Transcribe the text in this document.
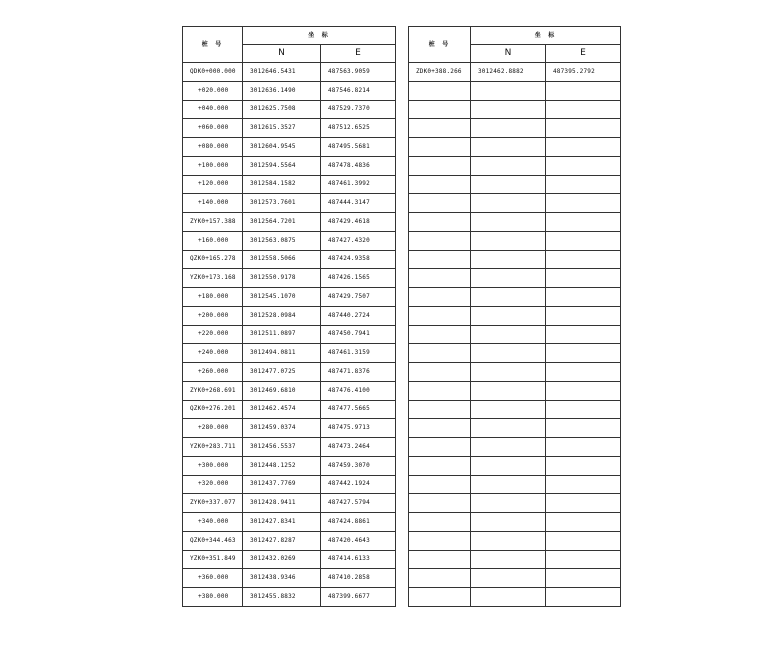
桩 号	坐 标	
	N	E
QDK0+000.000	3012646.5431	487563.9059
+020.000	3012636.1490	487546.8214
+040.000	3012625.7508	487529.7370
+060.000	3012615.3527	487512.6525
+080.000	3012604.9545	487495.5681
+100.000	3012594.5564	487478.4836
+120.000	3012584.1582	487461.3992
+140.000	3012573.7601	487444.3147
ZYK0+157.388	3012564.7201	487429.4618
+160.000	3012563.0875	487427.4320
QZK0+165.278	3012558.5066	487424.9358
YZK0+173.168	3012550.9178	487426.1565
+180.000	3012545.1070	487429.7507
+200.000	3012528.0984	487440.2724
+220.000	3012511.0897	487450.7941
+240.000	3012494.0811	487461.3159
+260.000	3012477.0725	487471.8376
ZYK0+268.691	3012469.6810	487476.4100
QZK0+276.201	3012462.4574	487477.5665
+280.000	3012459.0374	487475.9713
YZK0+283.711	3012456.5537	487473.2464
+300.000	3012448.1252	487459.3070
+320.000	3012437.7769	487442.1924
ZYK0+337.077	3012428.9411	487427.5794
+340.000	3012427.8341	487424.8861
QZK0+344.463	3012427.8287	487420.4643
YZK0+351.849	3012432.0269	487414.6133
+360.000	3012438.9346	487410.2858
+380.000	3012455.8832	487399.6677
桩 号	坐 标	
	N	E
ZDK0+388.266	3012462.8882	487395.2792
